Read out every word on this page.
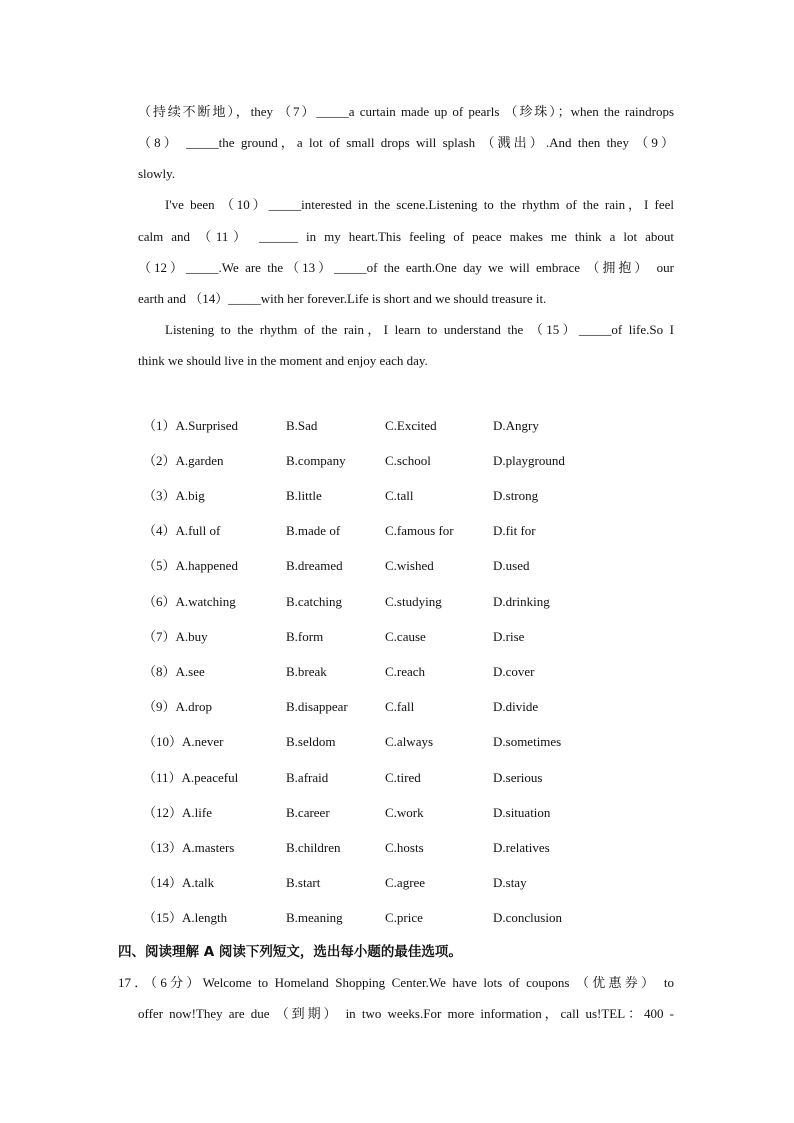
（持续不断地），they （7）_____a curtain made up of pearls （珍珠）；when the raindrops
（8） _____the ground，a lot of small drops will splash （溅出）.And then they （9）
slowly.
I've been （10）_____interested in the scene.Listening to the rhythm of the rain，I feel
calm and （11） ______ in my heart.This feeling of peace makes me think a lot about
（12）_____.We are the（13）_____of the earth.One day we will embrace （拥抱） our
earth and （14）_____with her forever.Life is short and we should treasure it.
Listening to the rhythm of the rain，I learn to understand the （15）_____of life.So I
think we should live in the moment and enjoy each day.
（1）A.Surprised	B.Sad	C.Excited	D.Angry
（2）A.garden	B.company	C.school	D.playground
（3）A.big	B.little	C.tall	D.strong
（4）A.full of	B.made of	C.famous for	D.fit for
（5）A.happened	B.dreamed	C.wished	D.used
（6）A.watching	B.catching	C.studying	D.drinking
（7）A.buy	B.form	C.cause	D.rise
（8）A.see	B.break	C.reach	D.cover
（9）A.drop	B.disappear	C.fall	D.divide
（10）A.never	B.seldom	C.always	D.sometimes
（11）A.peaceful	B.afraid	C.tired	D.serious
（12）A.life	B.career	C.work	D.situation
（13）A.masters	B.children	C.hosts	D.relatives
（14）A.talk	B.start	C.agree	D.stay
（15）A.length	B.meaning	C.price	D.conclusion
四、阅读理解 A 阅读下列短文，选出每小题的最佳选项。
17．（6分）Welcome to Homeland Shopping Center.We have lots of coupons （优惠券） to
offer now!They are due （到期） in two weeks.For more information，call us!TEL：400 -
